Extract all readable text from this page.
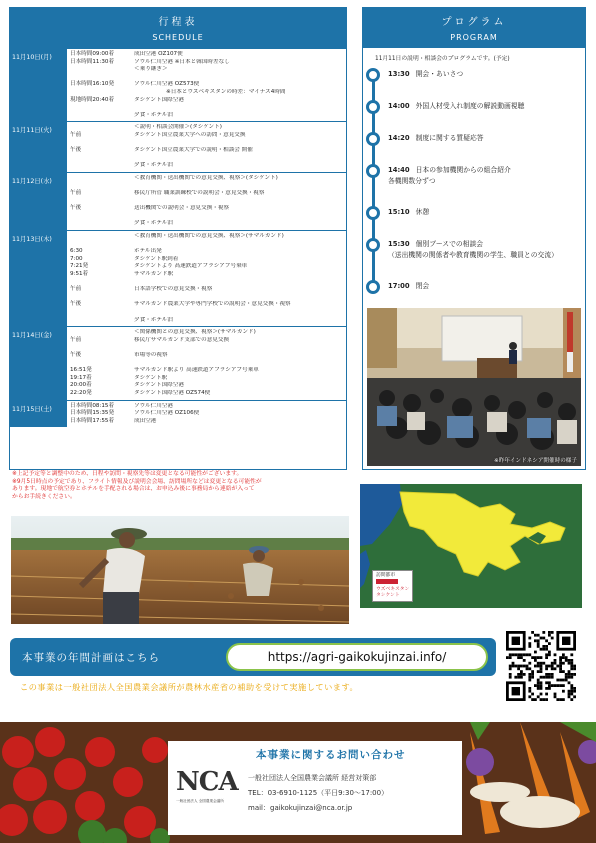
行程表
SCHEDULE
11月10日(月)	日本時間09:00着	成田空港 OZ107便
日本時間11:30着	ソウル仁川空港 ※日本と韓国時差なし
＜乗り継ぎ＞
日本時間16:10発	ソウル仁川空港 OZ573便
※日本とウズベキスタンの時差：マイナス4時間
現地時間20:40着	タシケント国際空港
夕食・ホテル泊
11月11日(火)	＜説明・相談会開催＞(タシケント)
午前	タシケント国立農業大学への訪問・意見交換
午後	タシケント国立農業大学での説明・相談会 開催
夕食・ホテル泊
11月12日(水)	＜教育機関・送出機関での意見交換、視察＞(タシケント)
午前	移民庁所管 職業訓練校での説明会・意見交換・視察
午後	送出機関での説明会・意見交換・視察
夕食・ホテル泊
11月13日(木)	＜教育機関・送出機関での意見交換、視察＞(サマルカンド)
6:30	ホテル出発
7:00	タシケント駅到着
7:21発	タシケントより 高速鉄道アフラシアブ号乗車
9:51着	サマルカンド駅
午前	日本語学校での意見交換・視察
午後	サマルカンド農業大学や専門学校での説明会・意見交換・視察
夕食・ホテル泊
11月14日(金)	＜関係機関との意見交換、視察＞(サマルカンド)
午前	移民庁サマルカンド支部での意見交換
午後	市場等の視察
16:51発	サマルカンド駅より 高速鉄道アフラシアブ号乗車
19:17着	タシケント駅
20:00着	タシケント国際空港
22:20発	タシケント国際空港 OZ574便
11月15日(土)	日本時間08:15着	ソウル仁川空港
日本時間15:35発	ソウル仁川空港 OZ106便
日本時間17:55着	成田空港
プログラム
PROGRAM
11月11日の説明・相談会のプログラムです。(予定)
13:30 開会・あいさつ
14:00 外国人材受入れ制度の解説動画視聴
14:20 制度に関する質疑応答
14:40 日本の参加機関からの組合紹介
各機関数分ずつ
15:10 休憩
15:30 個別ブースでの相談会
（送出機関の関係者や教育機関の学生、職員との交流）
17:00 閉会
※昨年インドネシア開催時の様子
※上記予定等と調整中のため、日程や訪問・視察先等は変更となる可能性がございます。
※9月5日時点の予定であり、フライト情報及び説明会会場、訪問場所などは変更となる可能性が
あります。現地で航空券とホテルを手配される場合は、お申込み後に事務局から連絡が入って
からお手続きください。
訪問都市
ウズベキスタン
タシケント
本事業の年間計画はこちら	https://agri-gaikokujinzai.info/
この事業は一般社団法人全国農業会議所が農林水産省の補助を受けて実施しています。
本事業に関するお問い合わせ
NCA
一般社団法人 全国農業会議所
一般社団法人全国農業会議所 経営対策部
TEL：03-6910-1125（平日9:30〜17:00）
mail：gaikokujinzai@nca.or.jp
